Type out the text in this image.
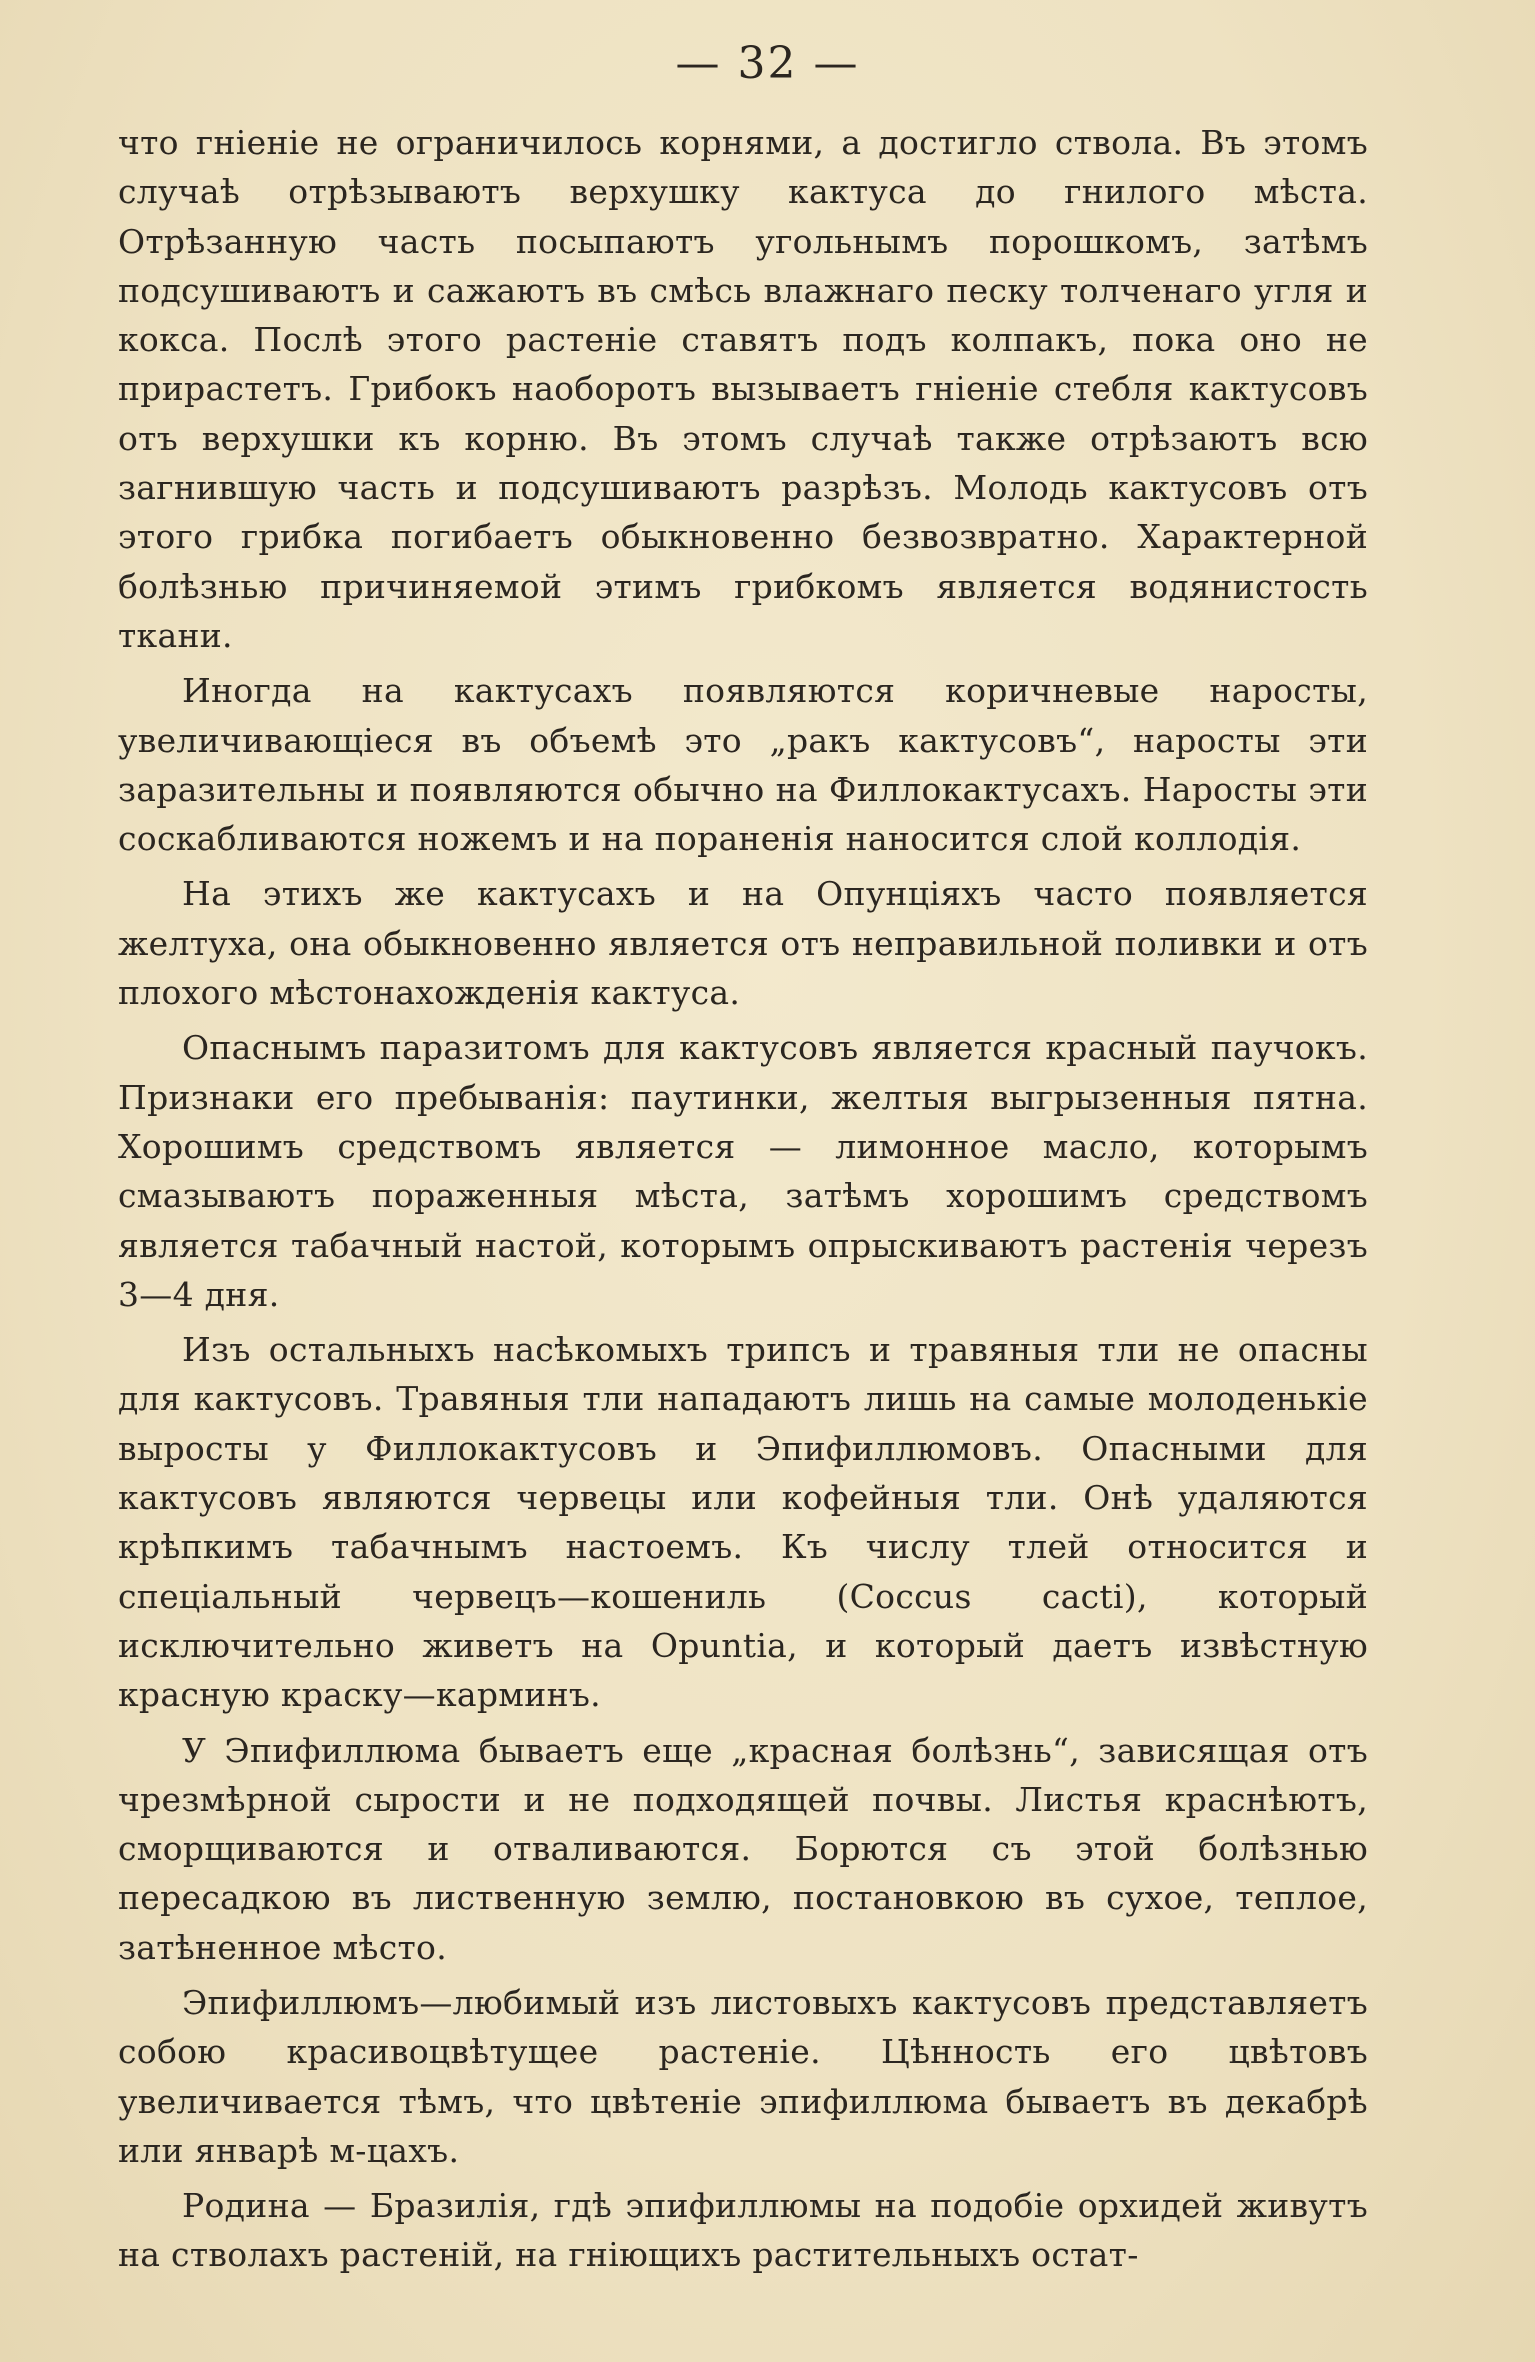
— 32 —

что гніеніе не ограничилось корнями, а достигло ствола. Въ этомъ случаѣ отрѣзываютъ верхушку кактуса до гнилого мѣста. Отрѣзанную часть посыпаютъ угольнымъ порошкомъ, затѣмъ подсушиваютъ и сажаютъ въ смѣсь влажнаго песку толченаго угля и кокса. Послѣ этого растеніе ставятъ подъ колпакъ, пока оно не прирастетъ. Грибокъ наоборотъ вызываетъ гніеніе стебля кактусовъ отъ верхушки къ корню. Въ этомъ случаѣ также отрѣзаютъ всю загнившую часть и подсушиваютъ разрѣзъ. Молодь кактусовъ отъ этого грибка погибаетъ обыкновенно безвозвратно. Характерной болѣзнью причиняемой этимъ грибкомъ является водянистость ткани.

Иногда на кактусахъ появляются коричневые наросты, увеличивающіеся въ объемѣ это „ракъ кактусовъ“, наросты эти заразительны и появляются обычно на Филлокактусахъ. Наросты эти соскабливаются ножемъ и на пораненія наносится слой коллодія.

На этихъ же кактусахъ и на Опунціяхъ часто появляется желтуха, она обыкновенно является отъ неправильной поливки и отъ плохого мѣстонахожденія кактуса.

Опаснымъ паразитомъ для кактусовъ является красный паучокъ. Признаки его пребыванія: паутинки, желтыя выгрызенныя пятна. Хорошимъ средствомъ является — лимонное масло, которымъ смазываютъ пораженныя мѣста, затѣмъ хорошимъ средствомъ является табачный настой, которымъ опрыскиваютъ растенія черезъ 3—4 дня.

Изъ остальныхъ насѣкомыхъ трипсъ и травяныя тли не опасны для кактусовъ. Травяныя тли нападаютъ лишь на самые молоденькіе выросты у Филлокактусовъ и Эпифиллюмовъ. Опасными для кактусовъ являются червецы или кофейныя тли. Онѣ удаляются крѣпкимъ табачнымъ настоемъ. Къ числу тлей относится и спеціальный червецъ—кошениль (Coccus cacti), который исключительно живетъ на Opuntia, и который даетъ извѣстную красную краску—карминъ.

У Эпифиллюма бываетъ еще „красная болѣзнь“, зависящая отъ чрезмѣрной сырости и не подходящей почвы. Листья краснѣютъ, сморщиваются и отваливаются. Борются съ этой болѣзнью пересадкою въ лиственную землю, постановкою въ сухое, теплое, затѣненное мѣсто.

Эпифиллюмъ—любимый изъ листовыхъ кактусовъ представляетъ собою красивоцвѣтущее растеніе. Цѣнность его цвѣтовъ увеличивается тѣмъ, что цвѣтеніе эпифиллюма бываетъ въ декабрѣ или январѣ м-цахъ.

Родина — Бразилія, гдѣ эпифиллюмы на подобіе орхидей живутъ на стволахъ растеній, на гніющихъ растительныхъ остат-
